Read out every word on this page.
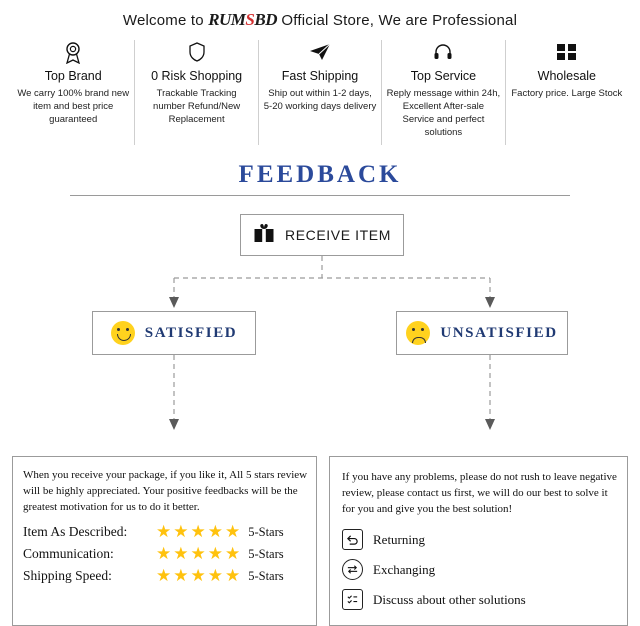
Welcome to RUMSBD Official Store, We are Professional
Top Brand
We carry 100% brand new item and best price guaranteed
0 Risk Shopping
Trackable Tracking number Refund/New Replacement
Fast Shipping
Ship out within 1-2 days, 5-20 working days delivery
Top Service
Reply message within 24h, Excellent After-sale Service and perfect solutions
Wholesale
Factory price. Large Stock
FEEDBACK
RECEIVE ITEM
SATISFIED	UNSATISFIED

When you receive your package, if you like it, All 5 stars review will be highly appreciated. Your positive feedbacks will be the greatest motivation for us to do it better.

Item As Described:	★★★★★ 5-Stars
Communication:	★★★★★ 5-Stars
Shipping Speed:	★★★★★ 5-Stars

If you have any problems, please do not rush to leave negative review, please contact us first, we will do our best to solve it for you and give you the best solution!

Returning
Exchanging
Discuss about other solutions
